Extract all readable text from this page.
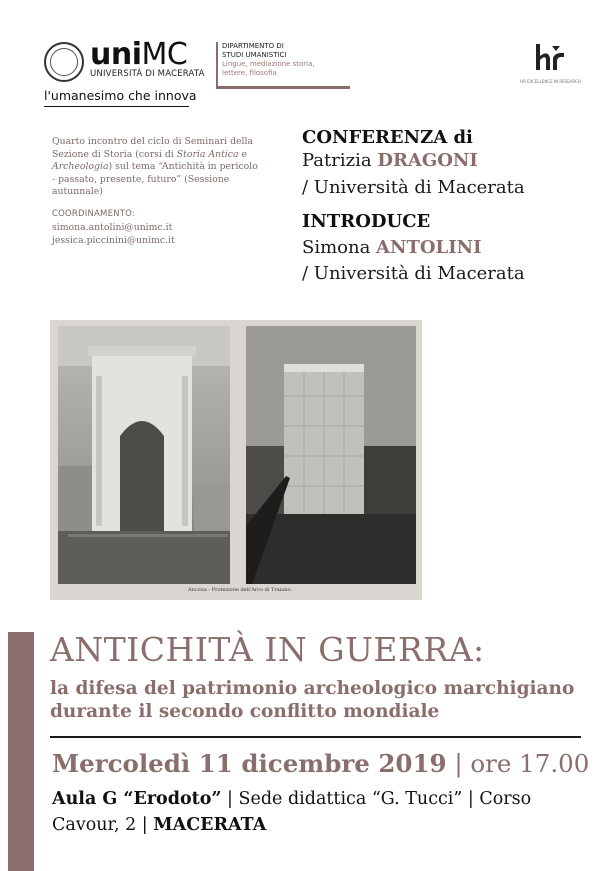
uniMC
UNIVERSITÀ DI MACERATA
l'umanesimo che innova
DIPARTIMENTO DI
STUDI UMANISTICI
Lingue, mediazione storia, lettere, filosofia
HR EXCELLENCE IN RESEARCH
Quarto incontro del ciclo di Seminari della Sezione di Storia (corsi di Storia Antica e Archeologia) sul tema “Antichità in pericolo - passato, presente, futuro” (Sessione autunnale)
COORDINAMENTO:
simona.antolini@unimc.it
jessica.piccinini@unimc.it
CONFERENZA di
Patrizia DRAGONI
/ Università di Macerata
INTRODUCE
Simona ANTOLINI
/ Università di Macerata
Ancona - Protezione dell'Arco di Traiano.
ANTICHITÀ IN GUERRA:
la difesa del patrimonio archeologico marchigiano
durante il secondo conflitto mondiale
Mercoledì 11 dicembre 2019 | ore 17.00
Aula G “Erodoto” | Sede didattica “G. Tucci” | Corso
Cavour, 2 | MACERATA
